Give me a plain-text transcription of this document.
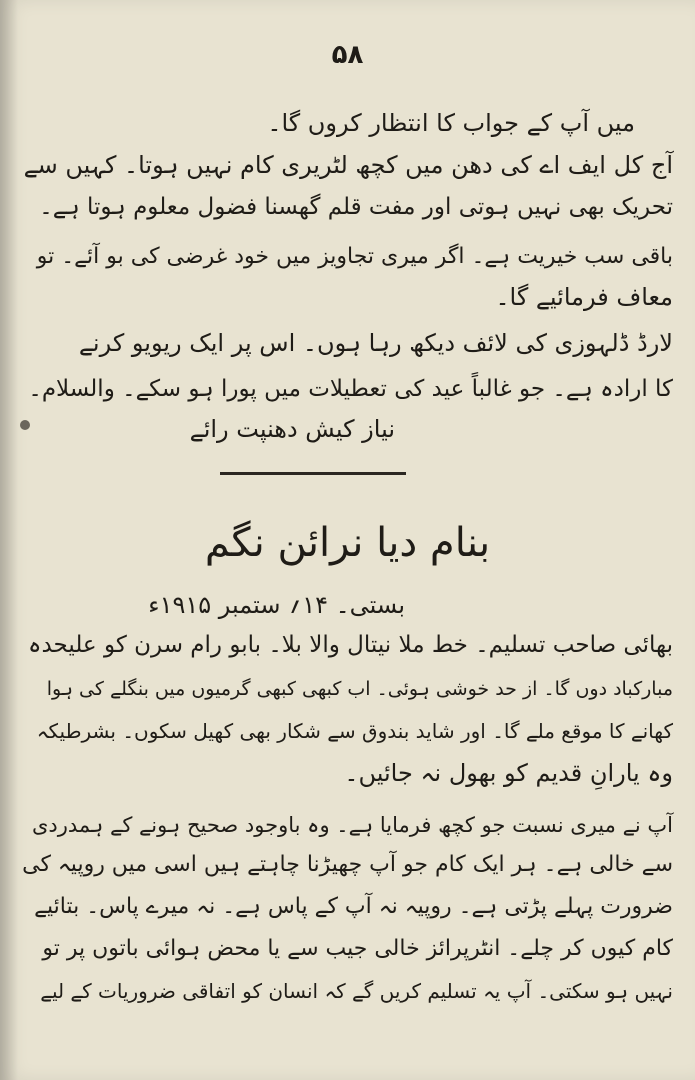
۵۸
میں آپ کے جواب کا انتظار کروں گا۔
آج کل ایف اے کی دھن میں کچھ لٹریری کام نہیں ہوتا۔ کہیں سے
تحریک بھی نہیں ہوتی اور مفت قلم گھسنا فضول معلوم ہوتا ہے۔
باقی سب خیریت ہے۔ اگر میری تجاویز میں خود غرضی کی بو آئے۔ تو
معاف فرمائیے گا۔
لارڈ ڈلہوزی کی لائف دیکھ رہا ہوں۔ اس پر ایک ریویو کرنے
کا ارادہ ہے۔ جو غالباً عید کی تعطیلات میں پورا ہو سکے۔ والسلام۔
نیاز کیش دھنپت رائے
بنام دیا نرائن نگم
بستی۔ ۱۴؍ ستمبر ۱۹۱۵ء
بھائی صاحب تسلیم۔ خط ملا نیتال والا بلا۔ بابو رام سرن کو علیحدہ
مبارکباد دوں گا۔ از حد خوشی ہوئی۔ اب کبھی کبھی گرمیوں میں بنگلے کی ہوا
کھانے کا موقع ملے گا۔ اور شاید بندوق سے شکار بھی کھیل سکوں۔ بشرطیکہ
وہ یارانِ قدیم کو بھول نہ جائیں۔
آپ نے میری نسبت جو کچھ فرمایا ہے۔ وہ باوجود صحیح ہونے کے ہمدردی
سے خالی ہے۔ ہر ایک کام جو آپ چھیڑنا چاہتے ہیں اسی میں روپیہ کی
ضرورت پہلے پڑتی ہے۔ روپیہ نہ آپ کے پاس ہے۔ نہ میرے پاس۔ بتائیے
کام کیوں کر چلے۔ انٹرپرائز خالی جیب سے یا محض ہوائی باتوں پر تو
نہیں ہو سکتی۔ آپ یہ تسلیم کریں گے کہ انسان کو اتفاقی ضروریات کے لیے
